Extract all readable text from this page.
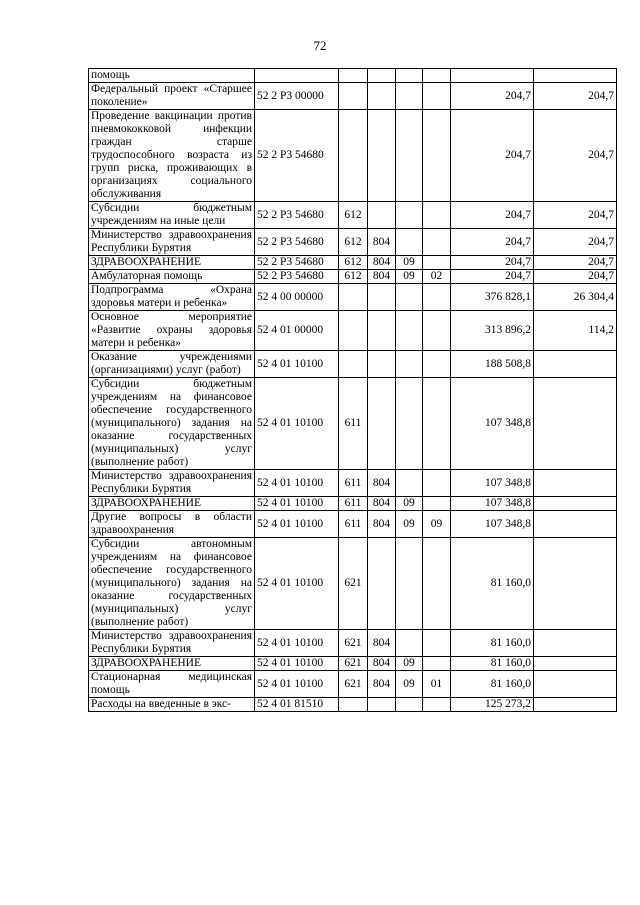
72
помощь							
Федеральный проект «Старшее поколение»	52 2 P3 00000					204,7	204,7
Проведение вакцинации против пневмококковой инфекции граждан старше трудоспособного возраста из групп риска, проживающих в организациях социального обслуживания	52 2 P3 54680					204,7	204,7
Субсидии бюджетным учреждениям на иные цели	52 2 P3 54680	612				204,7	204,7
Министерство здравоохранения Республики Бурятия	52 2 P3 54680	612	804			204,7	204,7
ЗДРАВООХРАНЕНИЕ	52 2 P3 54680	612	804	09		204,7	204,7
Амбулаторная помощь	52 2 P3 54680	612	804	09	02	204,7	204,7
Подпрограмма «Охрана здоровья матери и ребенка»	52 4 00 00000					376 828,1	26 304,4
Основное мероприятие «Развитие охраны здоровья матери и ребенка»	52 4 01 00000					313 896,2	114,2
Оказание учреждениями (организациями) услуг (работ)	52 4 01 10100					188 508,8	
Субсидии бюджетным учреждениям на финансовое обеспечение государственного (муниципального) задания на оказание государственных (муниципальных) услуг (выполнение работ)	52 4 01 10100	611				107 348,8	
Министерство здравоохранения Республики Бурятия	52 4 01 10100	611	804			107 348,8	
ЗДРАВООХРАНЕНИЕ	52 4 01 10100	611	804	09		107 348,8	
Другие вопросы в области здравоохранения	52 4 01 10100	611	804	09	09	107 348,8	
Субсидии автономным учреждениям на финансовое обеспечение государственного (муниципального) задания на оказание государственных (муниципальных) услуг (выполнение работ)	52 4 01 10100	621				81 160,0	
Министерство здравоохранения Республики Бурятия	52 4 01 10100	621	804			81 160,0	
ЗДРАВООХРАНЕНИЕ	52 4 01 10100	621	804	09		81 160,0	
Стационарная медицинская помощь	52 4 01 10100	621	804	09	01	81 160,0	
Расходы на введенные в экс-	52 4 01 81510					125 273,2	
